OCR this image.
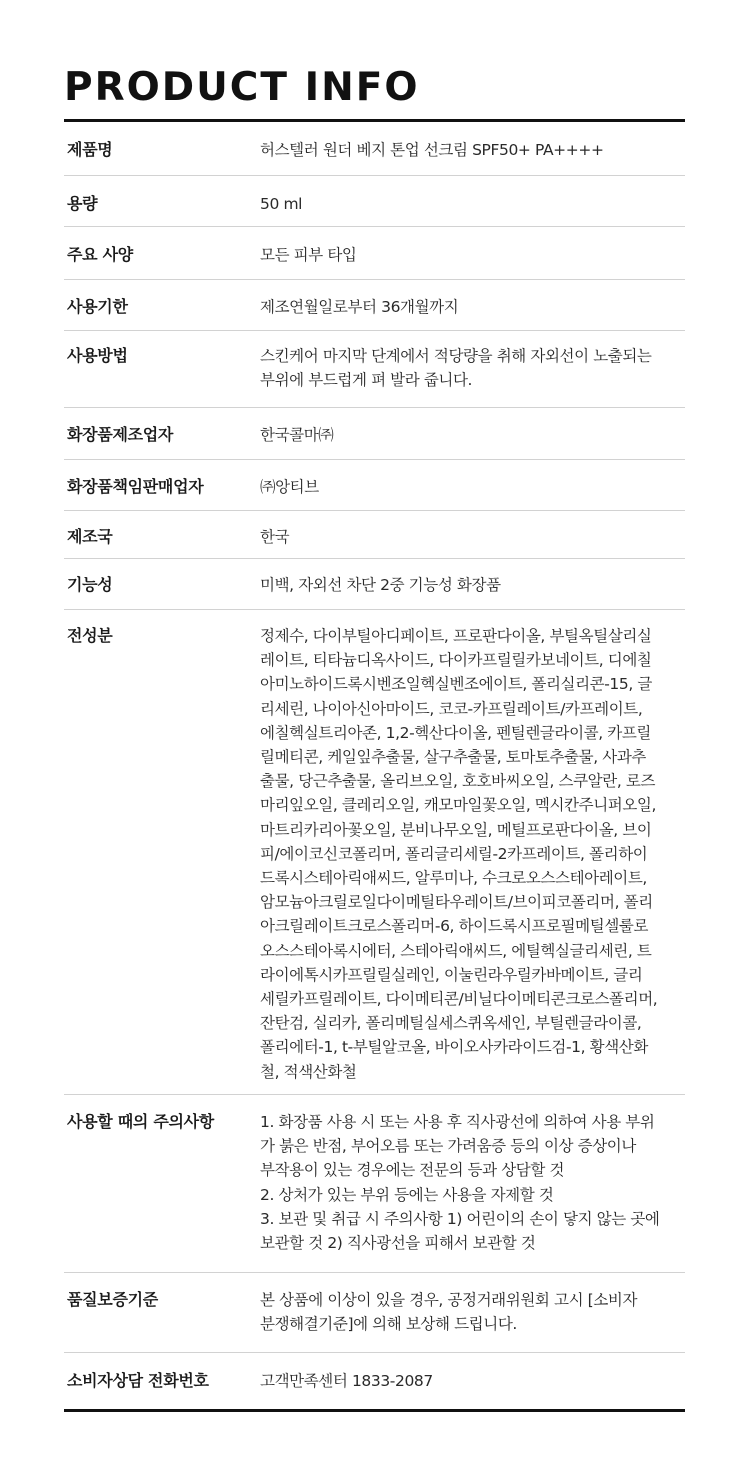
PRODUCT INFO
제품명	허스텔러 원더 베지 톤업 선크림 SPF50+ PA++++
용량	50 ml
주요 사양	모든 피부 타입
사용기한	제조연월일로부터 36개월까지
사용방법	스킨케어 마지막 단계에서 적당량을 취해 자외선이 노출되는
부위에 부드럽게 펴 발라 줍니다.
화장품제조업자	한국콜마㈜
화장품책임판매업자	㈜앙티브
제조국	한국
기능성	미백, 자외선 차단 2중 기능성 화장품
전성분	정제수, 다이부틸아디페이트, 프로판다이올, 부틸옥틸살리실
레이트, 티타늄디옥사이드, 다이카프릴릴카보네이트, 디에칠
아미노하이드록시벤조일헥실벤조에이트, 폴리실리콘-15, 글
리세린, 나이아신아마이드, 코코-카프릴레이트/카프레이트,
에칠헥실트리아존, 1,2-헥산다이올, 펜틸렌글라이콜, 카프릴
릴메티콘, 케일잎추출물, 살구추출물, 토마토추출물, 사과추
출물, 당근추출물, 올리브오일, 호호바씨오일, 스쿠알란, 로즈
마리잎오일, 클레리오일, 캐모마일꽃오일, 멕시칸주니퍼오일,
마트리카리아꽃오일, 분비나무오일, 메틸프로판다이올, 브이
피/에이코신코폴리머, 폴리글리세릴-2카프레이트, 폴리하이
드록시스테아릭애씨드, 알루미나, 수크로오스스테아레이트,
암모늄아크릴로일다이메틸타우레이트/브이피코폴리머, 폴리
아크릴레이트크로스폴리머-6, 하이드록시프로필메틸셀룰로
오스스테아록시에터, 스테아릭애씨드, 에틸헥실글리세린, 트
라이에톡시카프릴릴실레인, 이눌린라우릴카바메이트, 글리
세릴카프릴레이트, 다이메티콘/비닐다이메티콘크로스폴리머,
잔탄검, 실리카, 폴리메틸실세스퀴옥세인, 부틸렌글라이콜,
폴리에터-1, t-부틸알코올, 바이오사카라이드검-1, 황색산화
철, 적색산화철
사용할 때의 주의사항	1. 화장품 사용 시 또는 사용 후 직사광선에 의하여 사용 부위
가 붉은 반점, 부어오름 또는 가려움증 등의 이상 증상이나
부작용이 있는 경우에는 전문의 등과 상담할 것
2. 상처가 있는 부위 등에는 사용을 자제할 것
3. 보관 및 취급 시 주의사항 1) 어린이의 손이 닿지 않는 곳에
보관할 것 2) 직사광선을 피해서 보관할 것
품질보증기준	본 상품에 이상이 있을 경우, 공정거래위원회 고시 [소비자
분쟁해결기준]에 의해 보상해 드립니다.
소비자상담 전화번호	고객만족센터 1833-2087
